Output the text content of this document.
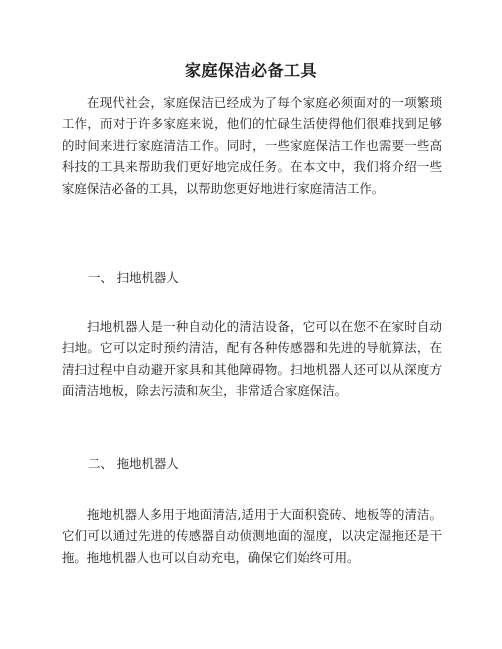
家庭保洁必备工具

在现代社会，家庭保洁已经成为了每个家庭必须面对的一项繁琐工作，而对于许多家庭来说，他们的忙碌生活使得他们很难找到足够的时间来进行家庭清洁工作。同时，一些家庭保洁工作也需要一些高科技的工具来帮助我们更好地完成任务。在本文中，我们将介绍一些家庭保洁必备的工具，以帮助您更好地进行家庭清洁工作。

一、 扫地机器人

扫地机器人是一种自动化的清洁设备，它可以在您不在家时自动扫地。它可以定时预约清洁，配有各种传感器和先进的导航算法，在清扫过程中自动避开家具和其他障碍物。扫地机器人还可以从深度方面清洁地板，除去污渍和灰尘，非常适合家庭保洁。

二、 拖地机器人

拖地机器人多用于地面清洁,适用于大面积瓷砖、地板等的清洁。它们可以通过先进的传感器自动侦测地面的湿度，以决定湿拖还是干拖。拖地机器人也可以自动充电，确保它们始终可用。
